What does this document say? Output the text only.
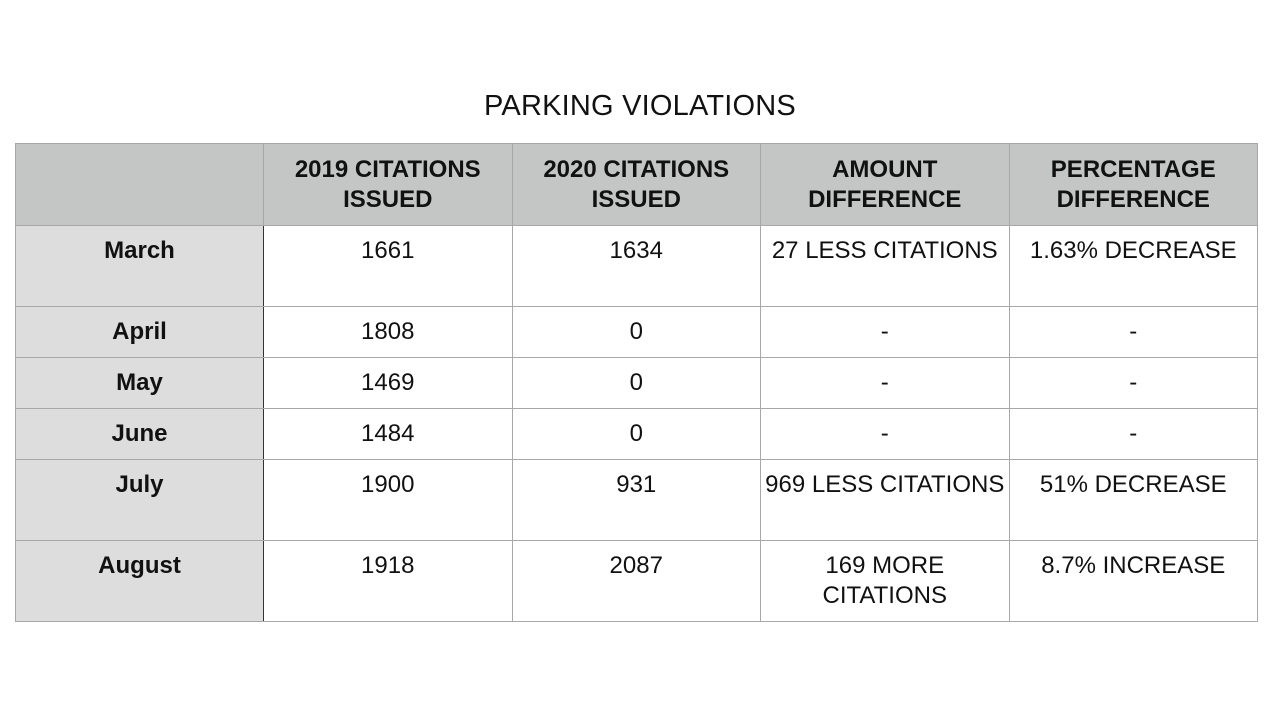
PARKING VIOLATIONS
	2019 CITATIONS ISSUED	2020 CITATIONS ISSUED	AMOUNT DIFFERENCE	PERCENTAGE DIFFERENCE
March	1661	1634	27 LESS CITATIONS	1.63% DECREASE
April	1808	0	-	-
May	1469	0	-	-
June	1484	0	-	-
July	1900	931	969 LESS CITATIONS	51% DECREASE
August	1918	2087	169 MORE CITATIONS	8.7% INCREASE
